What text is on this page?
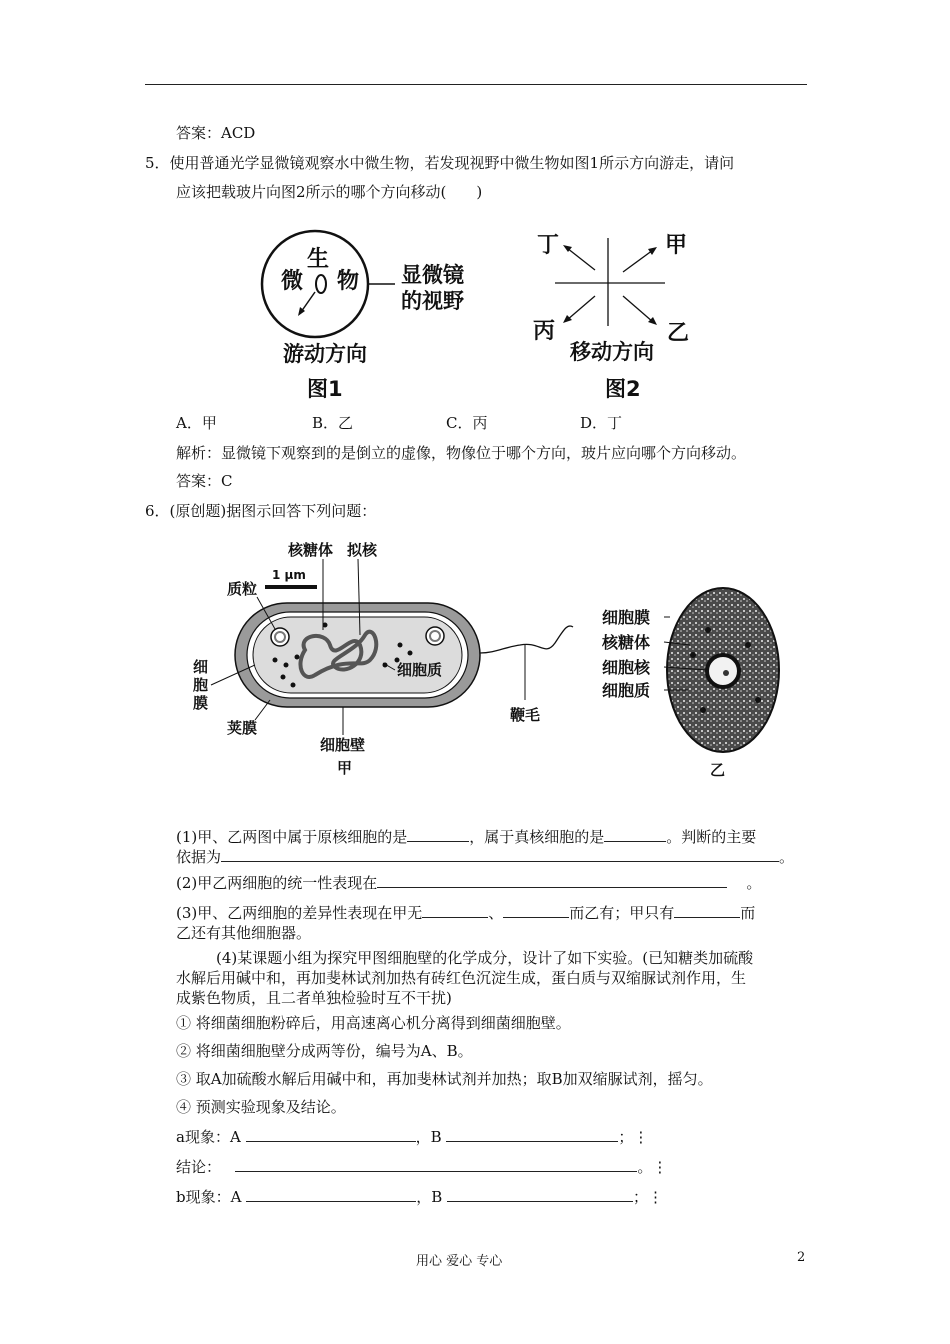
答案：ACD
5．使用普通光学显微镜观察水中微生物，若发现视野中微生物如图1所示方向游走，请问
应该把载玻片向图2所示的哪个方向移动(　　)
生
微 物 显微镜
的视野
游动方向
图1
丁	甲
丙	乙
移动方向
图2
A．甲	B．乙	C．丙	D．丁
解析：显微镜下观察到的是倒立的虚像，物像位于哪个方向，玻片应向哪个方向移动。
答案：C
6．(原创题)据图示回答下列问题：
核糖体 拟核
1 μm
质粒
细胞质
鞭毛
细
胞
膜
荚膜
细胞壁
甲
细胞膜
核糖体
细胞核
细胞质
乙
(1)甲、乙两图中属于原核细胞的是	，属于真核细胞的是	。判断的主要
依据为	。
(2)甲乙两细胞的统一性表现在	。
(3)甲、乙两细胞的差异性表现在甲无	、	而乙有；甲只有	而
乙还有其他细胞器。
(4)某课题小组为探究甲图细胞壁的化学成分，设计了如下实验。(已知糖类加硫酸
水解后用碱中和，再加斐林试剂加热有砖红色沉淀生成，蛋白质与双缩脲试剂作用，生
成紫色物质，且二者单独检验时互不干扰)
① 将细菌细胞粉碎后，用高速离心机分离得到细菌细胞壁。
② 将细菌细胞壁分成两等份，编号为A、B。
③ 取A加硫酸水解后用碱中和，再加斐林试剂并加热；取B加双缩脲试剂，摇匀。
④ 预测实验现象及结论。
a现象：A	，B	；⋮
结论：	。⋮
b现象：A	，B	；⋮
用心 爱心 专心	2
